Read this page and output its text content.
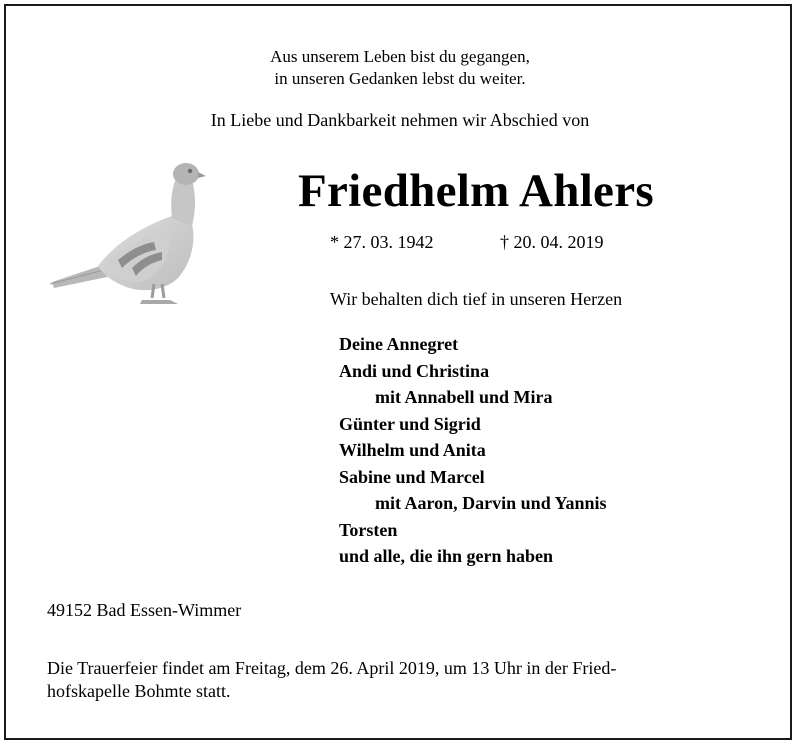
Aus unserem Leben bist du gegangen,
in unseren Gedanken lebst du weiter.
In Liebe und Dankbarkeit nehmen wir Abschied von
Friedhelm Ahlers
* 27. 03. 1942	† 20. 04. 2019
Wir behalten dich tief in unseren Herzen
Deine Annegret
Andi und Christina
mit Annabell und Mira
Günter und Sigrid
Wilhelm und Anita
Sabine und Marcel
mit Aaron, Darvin und Yannis
Torsten
und alle, die ihn gern haben
49152 Bad Essen-Wimmer
Die Trauerfeier findet am Freitag, dem 26. April 2019, um 13 Uhr in der Fried-
hofskapelle Bohmte statt.
